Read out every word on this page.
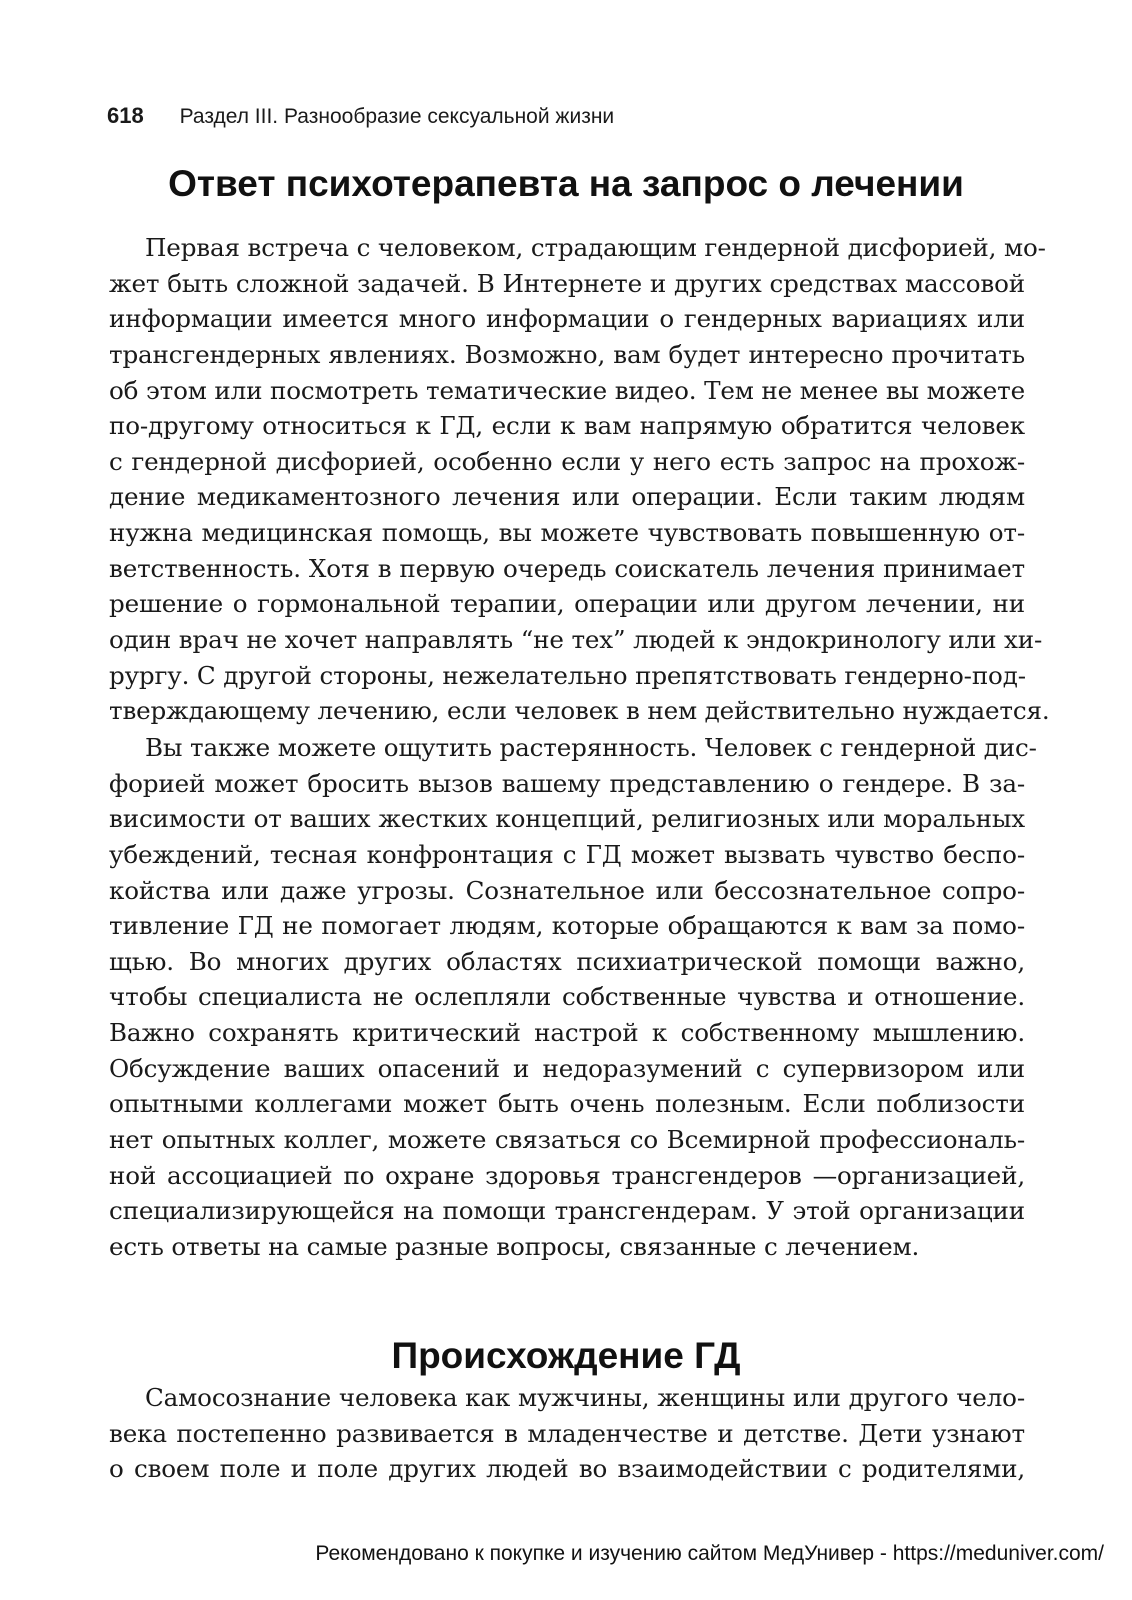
618 Раздел III. Разнообразие сексуальной жизни
Ответ психотерапевта на запрос о лечении
Первая встреча с человеком, страдающим гендерной дисфорией, мо-
жет быть сложной задачей. В Интернете и других средствах массовой
информации имеется много информации о гендерных вариациях или
трансгендерных явлениях. Возможно, вам будет интересно прочитать
об этом или посмотреть тематические видео. Тем не менее вы можете
по-другому относиться к ГД, если к вам напрямую обратится человек
с гендерной дисфорией, особенно если у него есть запрос на прохож-
дение медикаментозного лечения или операции. Если таким людям
нужна медицинская помощь, вы можете чувствовать повышенную от-
ветственность. Хотя в первую очередь соискатель лечения принимает
решение о гормональной терапии, операции или другом лечении, ни
один врач не хочет направлять “не тех” людей к эндокринологу или хи-
рургу. С другой стороны, нежелательно препятствовать гендерно-под-
тверждающему лечению, если человек в нем действительно нуждается.
Вы также можете ощутить растерянность. Человек с гендерной дис-
форией может бросить вызов вашему представлению о гендере. В за-
висимости от ваших жестких концепций, религиозных или моральных
убеждений, тесная конфронтация с ГД может вызвать чувство беспо-
койства или даже угрозы. Сознательное или бессознательное сопро-
тивление ГД не помогает людям, которые обращаются к вам за помо-
щью. Во многих других областях психиатрической помощи важно,
чтобы специалиста не ослепляли собственные чувства и отношение.
Важно сохранять критический настрой к собственному мышлению.
Обсуждение ваших опасений и недоразумений с супервизором или
опытными коллегами может быть очень полезным. Если поблизости
нет опытных коллег, можете связаться со Всемирной профессиональ-
ной ассоциацией по охране здоровья трансгендеров —организацией,
специализирующейся на помощи трансгендерам. У этой организации
есть ответы на самые разные вопросы, связанные с лечением.
Происхождение ГД
Самосознание человека как мужчины, женщины или другого чело-
века постепенно развивается в младенчестве и детстве. Дети узнают
о своем поле и поле других людей во взаимодействии с родителями,
Рекомендовано к покупке и изучению сайтом МедУнивер - https://meduniver.com/
